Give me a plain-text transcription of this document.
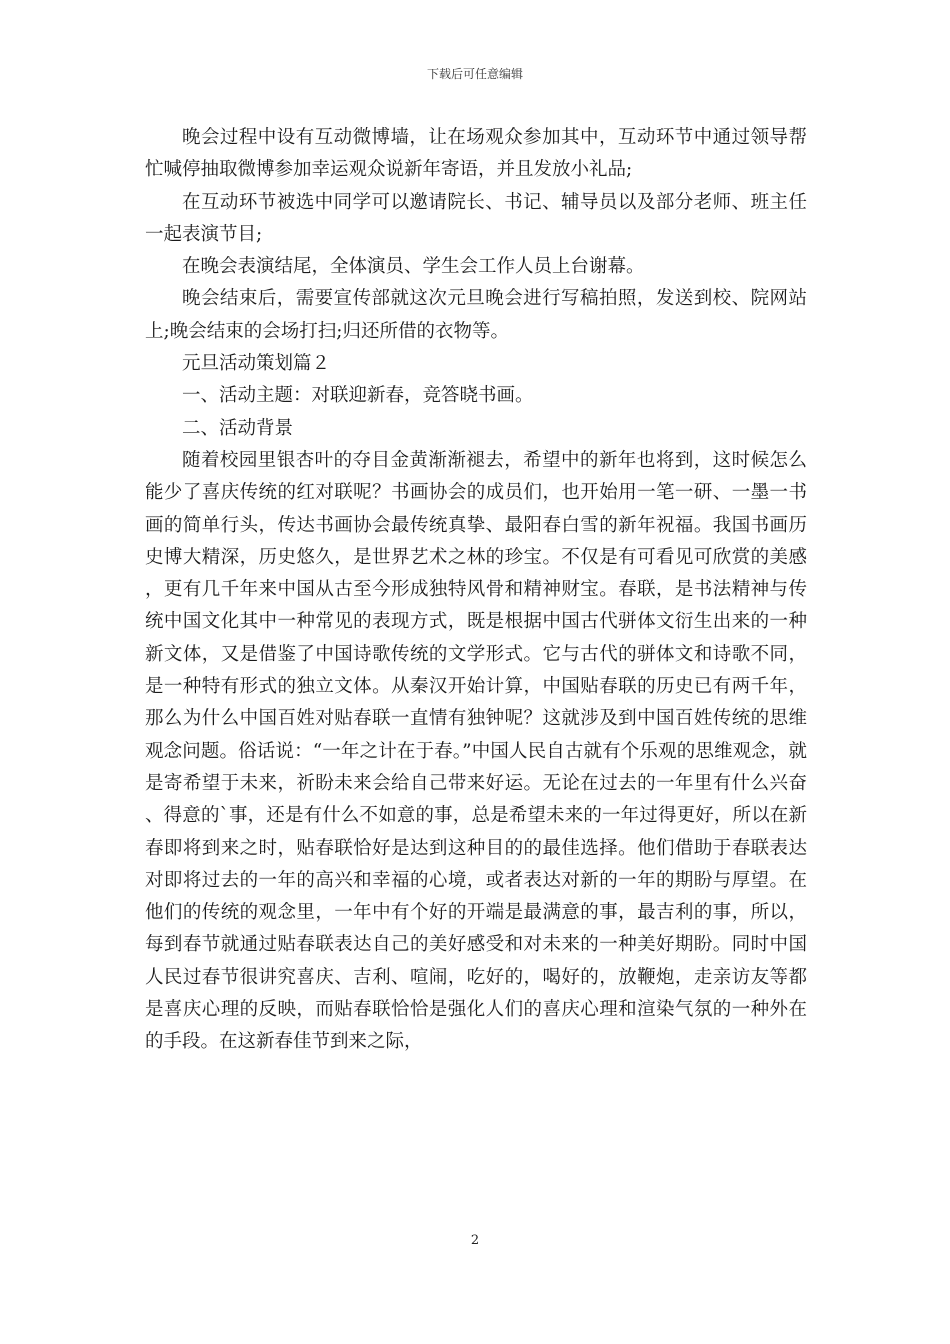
下载后可任意编辑

晚会过程中设有互动微博墙，让在场观众参加其中，互动环节中通过领导帮忙喊停抽取微博参加幸运观众说新年寄语，并且发放小礼品;

在互动环节被选中同学可以邀请院长、书记、辅导员以及部分老师、班主任一起表演节目;

在晚会表演结尾，全体演员、学生会工作人员上台谢幕。

晚会结束后，需要宣传部就这次元旦晚会进行写稿拍照，发送到校、院网站上;晚会结束的会场打扫;归还所借的衣物等。

元旦活动策划篇２

一、活动主题：对联迎新春，竞答晓书画。

二、活动背景

随着校园里银杏叶的夺目金黄渐渐褪去，希望中的新年也将到，这时候怎么能少了喜庆传统的红对联呢？书画协会的成员们，也开始用一笔一研、一墨一书画的简单行头，传达书画协会最传统真挚、最阳春白雪的新年祝福。我国书画历史博大精深，历史悠久，是世界艺术之林的珍宝。不仅是有可看见可欣赏的美感，更有几千年来中国从古至今形成独特风骨和精神财宝。春联，是书法精神与传统中国文化其中一种常见的表现方式，既是根据中国古代骈体文衍生出来的一种新文体，又是借鉴了中国诗歌传统的文学形式。它与古代的骈体文和诗歌不同，是一种特有形式的独立文体。从秦汉开始计算，中国贴春联的历史已有两千年，那么为什么中国百姓对贴春联一直情有独钟呢？这就涉及到中国百姓传统的思维观念问题。俗话说：“一年之计在于春。”中国人民自古就有个乐观的思维观念，就是寄希望于未来，祈盼未来会给自己带来好运。无论在过去的一年里有什么兴奋、得意的`事，还是有什么不如意的事，总是希望未来的一年过得更好，所以在新春即将到来之时，贴春联恰好是达到这种目的的最佳选择。他们借助于春联表达对即将过去的一年的高兴和幸福的心境，或者表达对新的一年的期盼与厚望。在他们的传统的观念里，一年中有个好的开端是最满意的事，最吉利的事，所以，每到春节就通过贴春联表达自己的美好感受和对未来的一种美好期盼。同时中国人民过春节很讲究喜庆、吉利、喧闹，吃好的，喝好的，放鞭炮，走亲访友等都是喜庆心理的反映，而贴春联恰恰是强化人们的喜庆心理和渲染气氛的一种外在的手段。在这新春佳节到来之际，

2
